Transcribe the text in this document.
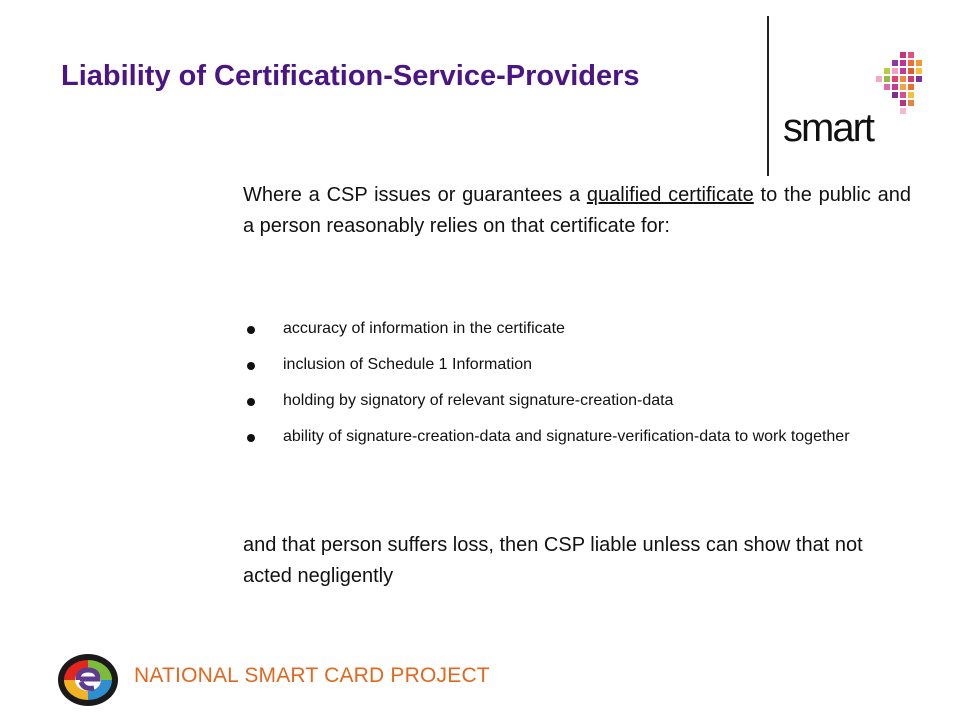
Liability of Certification-Service-Providers
smart

Where a CSP issues or guarantees a qualified certificate to the public and a person reasonably relies on that certificate for:

accuracy of information in the certificate
inclusion of Schedule 1 Information
holding by signatory of relevant signature-creation-data
ability of signature-creation-data and signature-verification-data to work together

and that person suffers loss, then CSP liable unless can show that not acted negligently

NATIONAL SMART CARD PROJECT
